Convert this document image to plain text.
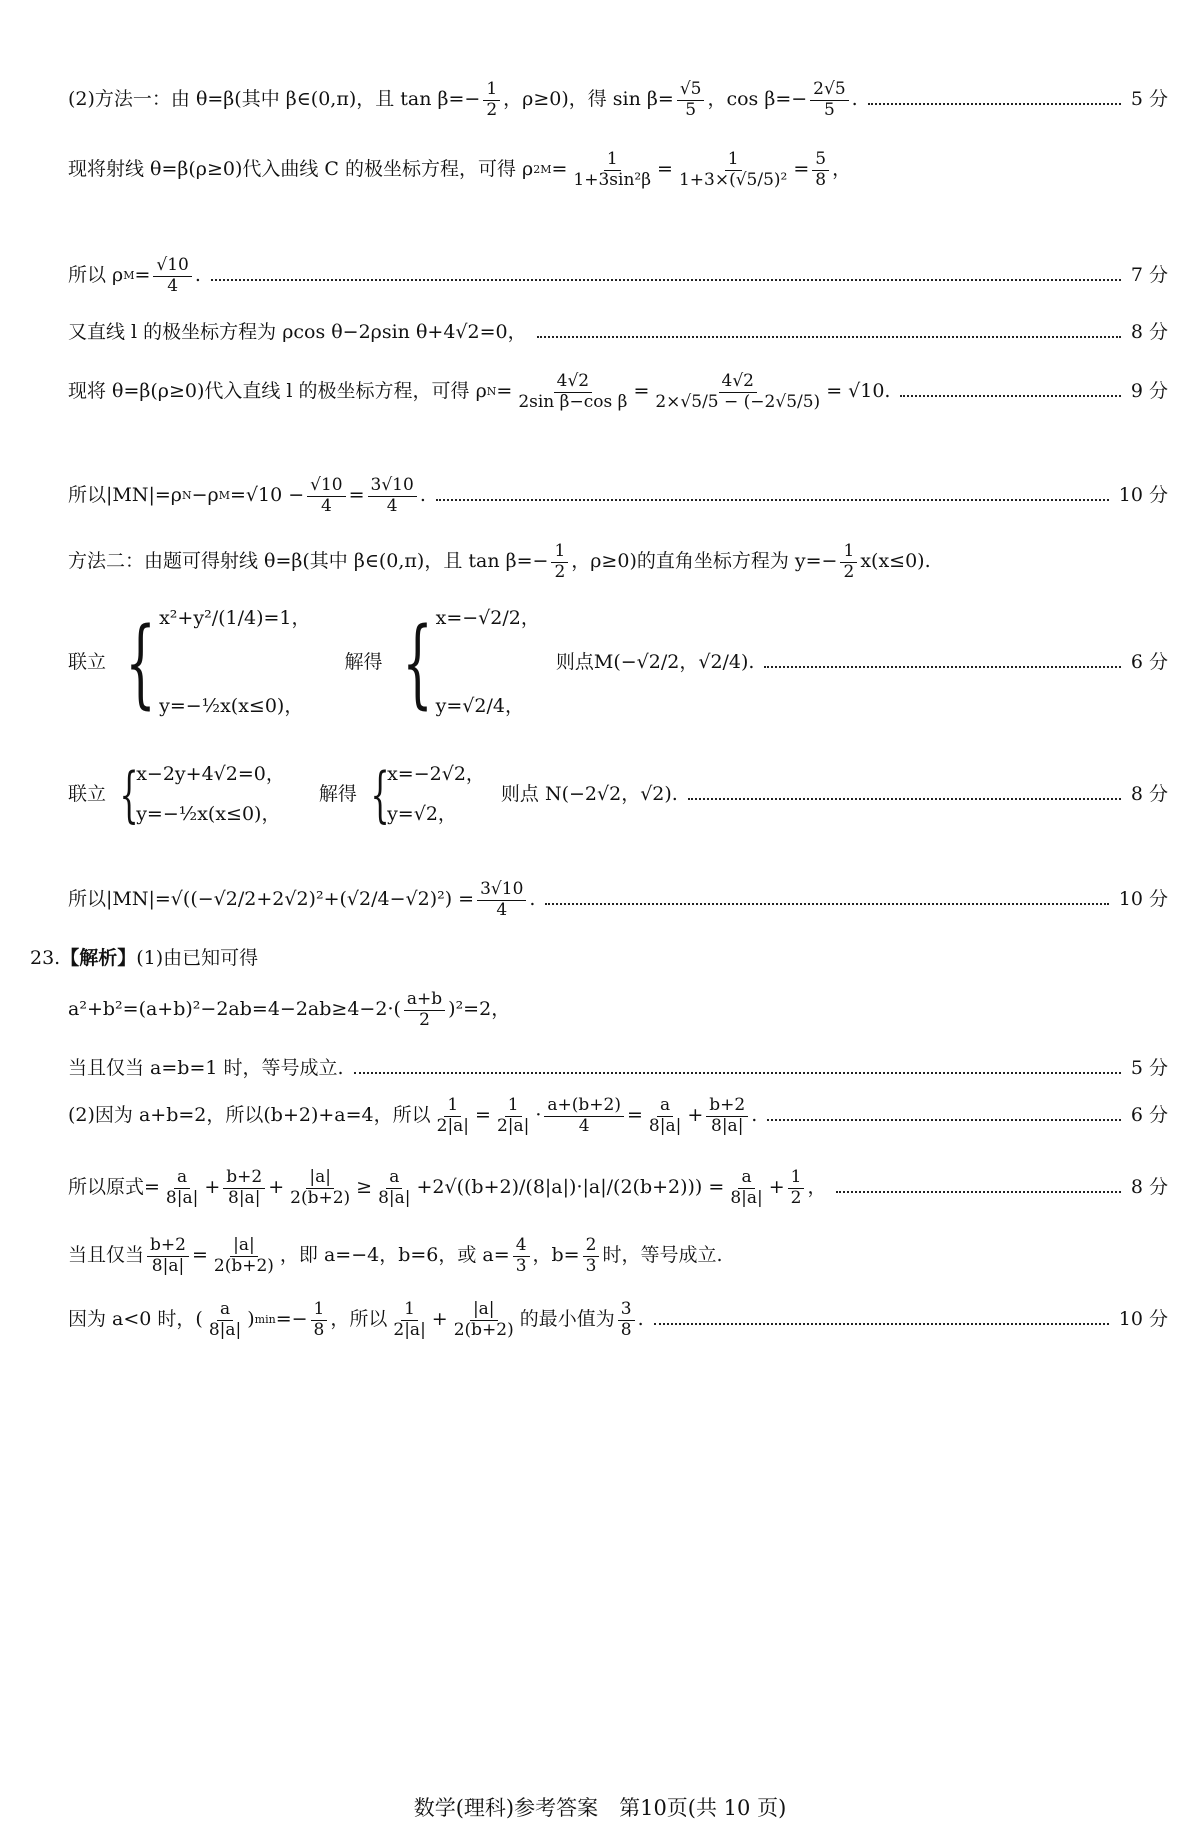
(2)方法一：由 θ=β(其中 β∈(0,π)，且 $\tan \beta=- \frac{1}{2}$ ，ρ≥0)，得 $\sin \beta= \frac{√5}{5}$ ，$\cos \beta=- \frac{2√5}{5}$ .	5 分
现将射线 θ=β(ρ≥0)代入曲线 C 的极坐标方程，可得 ρ 2 $M = \frac{1}{\text{1+3sin²β}} = \frac{1}{\text{1+3×(√5/5)²}} = \frac{5}{8}$ ，
所以 ρ $M = \frac{√10}{4}$ .	7 分
又直线 l 的极坐标方程为 ρcos θ−2ρsin θ+4√2=0，	8 分
现将 θ=β(ρ≥0)代入直线 l 的极坐标方程，可得 ρ $N = \frac{4√2}{\text{2sin β−cos β}} = \frac{4√2}{2\times√5/5 - (-2√5/5)} = √10$.	9 分
所以|MN|=ρ N −ρ $M =√10 - \frac{√10}{4} = \frac{3√10}{4}$ .	10 分
方法二：由题可得射线 θ=β(其中 β∈(0,π)，且 $\tan \beta=- \frac{1}{2}$ ，ρ≥0)的直角坐标方程为 $y=- \frac{1}{2} x(x\le 0)$.
联立 { x²+y²/(1/4)=1，
y=−½x(x≤0)，
解得 { x=−√2/2，
y=√2/4，
则点M(−√2/2，√2/4).	6 分
联立 {
x−2y+4√2=0，
y=−½x(x≤0)，
解得 {
x=−2√2，
y=√2，
则点 N(−2√2，√2).	8 分
所以$|MN|=√((-√2/2+2√2)^2+(√2/4-√2)^2) = \frac{3√10}{4}$ .	10 分
23. 【解析】 (1)由已知可得
$a^2+b^2=(a+b)^2-2ab=4-2ab\ge 4-2\cdot( \frac{a+b}{2} )^2=2$，
当且仅当 a=b=1 时，等号成立.	5 分
(2)因为 a+b=2，所以(b+2)+a=4，所以 $\frac{1}{2|a|} = \frac{1}{2|a|} \cdot \frac{a+(b+2)}{4} = \frac{a}{8|a|} + \frac{b+2}{8|a|}$ .	6 分
所以原式= $\frac{a}{8|a|} + \frac{b+2}{8|a|} + \frac{|a|}{2(b+2)} \ge \frac{a}{8|a|} +2√((b+2)/(8|a|)\cdot|a|/(2(b+2))) = \frac{a}{8|a|} + \frac{1}{2}$ ，	8 分
当且仅当 $\frac{b+2}{8|a|} = \frac{|a|}{2(b+2)}$ ，即 a=−4，b=6，或 $a= \frac{4}{3}$ ，$b= \frac{2}{3}$ 时，等号成立.
因为 a<0 时，( $\frac{a}{8|a|}$ ) $\min =- \frac{1}{8}$ ，所以 $\frac{1}{2|a|} + \frac{|a|}{2(b+2)}$ 的最小值为 $\frac{3}{8}$ .	10 分
数学(理科)参考答案　第10页(共 10 页)
